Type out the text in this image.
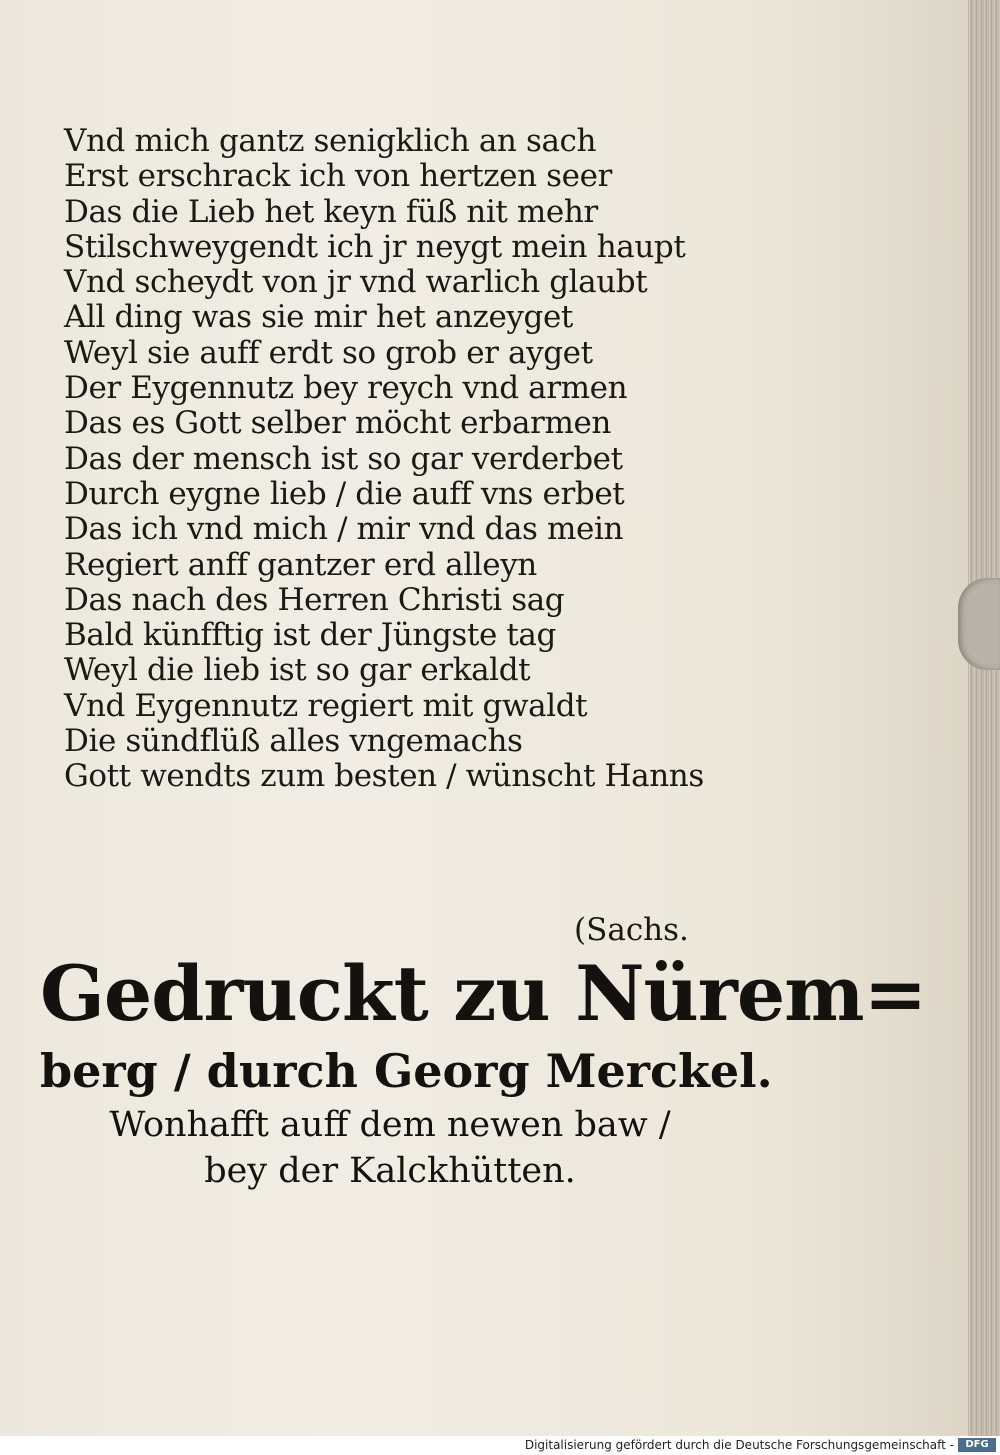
Vnd mich gantz senigklich an sach
Erst erschrack ich von hertzen seer
Das die Lieb het keyn füß nit mehr
Stilschweygendt ich jr neygt mein haupt
Vnd scheydt von jr vnd warlich glaubt
All ding was sie mir het anzeyget
Weyl sie auff erdt so grob er ayget
Der Eygennutz bey reych vnd armen
Das es Gott selber möcht erbarmen
Das der mensch ist so gar verderbet
Durch eygne lieb / die auff vns erbet
Das ich vnd mich / mir vnd das mein
Regiert anff gantzer erd alleyn
Das nach des Herren Christi sag
Bald künfftig ist der Jüngste tag
Weyl die lieb ist so gar erkaldt
Vnd Eygennutz regiert mit gwaldt
Die sündflüß alles vngemachs
Gott wendts zum besten / wünscht Hanns
(Sachs.
Gedruckt zu Nürem=
berg / durch Georg Merckel.
Wonhafft auff dem newen baw /
bey der Kalckhütten.
Digitalisierung gefördert durch die Deutsche Forschungsgemeinschaft -	DFG
